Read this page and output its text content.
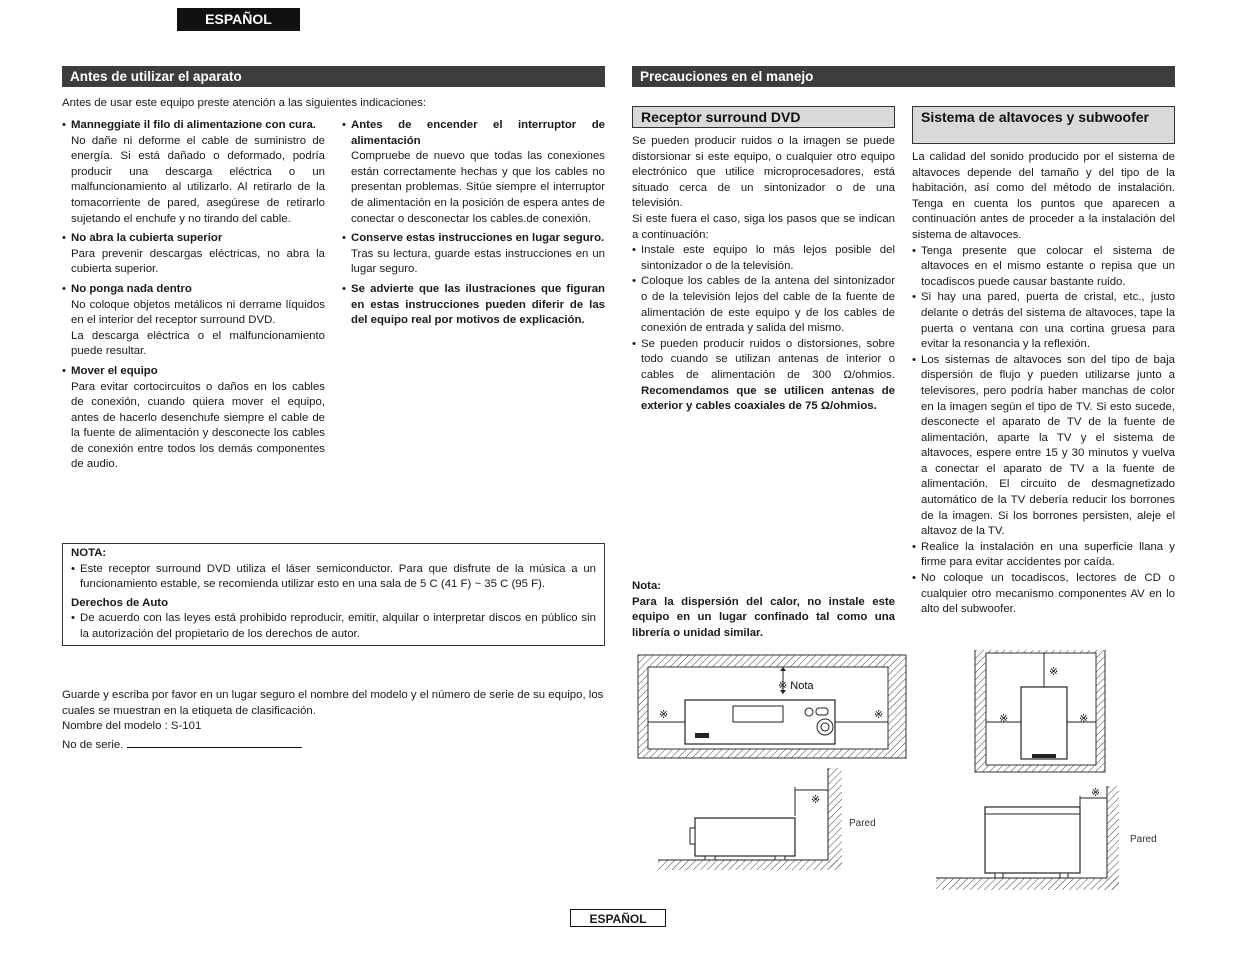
ESPAÑOL
Antes de utilizar el aparato
Antes de usar este equipo preste atención a las siguientes indicaciones:
• Manneggiate il filo di alimentazione con cura.
No dañe ni deforme el cable de suministro de energía. Si está dañado o deformado, podría producir una descarga eléctrica o un malfuncionamiento al utilizarlo. Al retirarlo de la tomacorriente de pared, asegúrese de retirarlo sujetando el enchufe y no tirando del cable.
• No abra la cubierta superior
Para prevenir descargas eléctricas, no abra la cubierta superior.
• No ponga nada dentro
No coloque objetos metálicos ni derrame líquidos en el interior del receptor surround DVD.
La descarga eléctrica o el malfuncionamiento puede resultar.
• Mover el equipo
Para evitar cortocircuitos o daños en los cables de conexión, cuando quiera mover el equipo, antes de hacerlo desenchufe siempre el cable de la fuente de alimentación y desconecte los cables de conexión entre todos los demás componentes de audio.
• Antes de encender el interruptor de alimentación
Compruebe de nuevo que todas las conexiones están correctamente hechas y que los cables no presentan problemas. Sitúe siempre el interruptor de alimentación en la posición de espera antes de conectar o desconectar los cables.de conexión.
• Conserve estas instrucciones en lugar seguro.
Tras su lectura, guarde estas instrucciones en un lugar seguro.
• Se advierte que las ilustraciones que figuran en estas instrucciones pueden diferir de las del equipo real por motivos de explicación.
NOTA:
• Este receptor surround DVD utiliza el láser semiconductor. Para que disfrute de la música a un funcionamiento estable, se recomienda utilizar esto en una sala de 5 C (41 F) ~ 35 C (95 F).
Derechos de Auto
• De acuerdo con las leyes está prohibido reproducir, emitir, alquilar o interpretar discos en público sin la autorización del propietario de los derechos de autor.
Guarde y escriba por favor en un lugar seguro el nombre del modelo y el número de serie de su equipo, los cuales se muestran en la etiqueta de clasificación.
Nombre del modelo : S-101
No de serie.
Precauciones en el manejo
Receptor surround DVD	Sistema de altavoces y subwoofer
Se pueden producir ruidos o la imagen se puede distorsionar si este equipo, o cualquier otro equipo electrónico que utilice microprocesadores, está situado cerca de un sintonizador o de una televisión.
Si este fuera el caso, siga los pasos que se indican a continuación:
• Instale este equipo lo más lejos posible del sintonizador o de la televisión.
• Coloque los cables de la antena del sintonizador o de la televisión lejos del cable de la fuente de alimentación de este equipo y de los cables de conexión de entrada y salida del mismo.
• Se pueden producir ruidos o distorsiones, sobre todo cuando se utilizan antenas de interior o cables de alimentación de 300 Ω/ohmios. Recomendamos que se utilicen antenas de exterior y cables coaxiales de 75 Ω/ohmios.
Nota:
Para la dispersión del calor, no instale este equipo en un lugar confinado tal como una librería o unidad similar.
La calidad del sonido producido por el sistema de altavoces depende del tamaño y del tipo de la habitación, así como del método de instalación. Tenga en cuenta los puntos que aparecen a continuación antes de proceder a la instalación del sistema de altavoces.
• Tenga presente que colocar el sistema de altavoces en el mismo estante o repisa que un tocadiscos puede causar bastante ruido.
• Si hay una pared, puerta de cristal, etc., justo delante o detrás del sistema de altavoces, tape la puerta o ventana con una cortina gruesa para evitar la resonancia y la reflexión.
• Los sistemas de altavoces son del tipo de baja dispersión de flujo y pueden utilizarse junto a televisores, pero podría haber manchas de color en la imagen según el tipo de TV. Si esto sucede, desconecte el aparato de TV de la fuente de alimentación, aparte la TV y el sistema de altavoces, espere entre 15 y 30 minutos y vuelva a conectar el aparato de TV a la fuente de alimentación. El circuito de desmagnetizado automático de la TV debería reducir los borrones de la imagen. Si los borrones persisten, aleje el altavoz de la TV.
• Realice la instalación en una superficie llana y firme para evitar accidentes por caída.
• No coloque un tocadiscos, lectores de CD o cualquier otro mecanismo componentes AV en lo alto del subwoofer.
※ Nota
※	※
※
Pared
※
※	※
※
Pared
ESPAÑOL
